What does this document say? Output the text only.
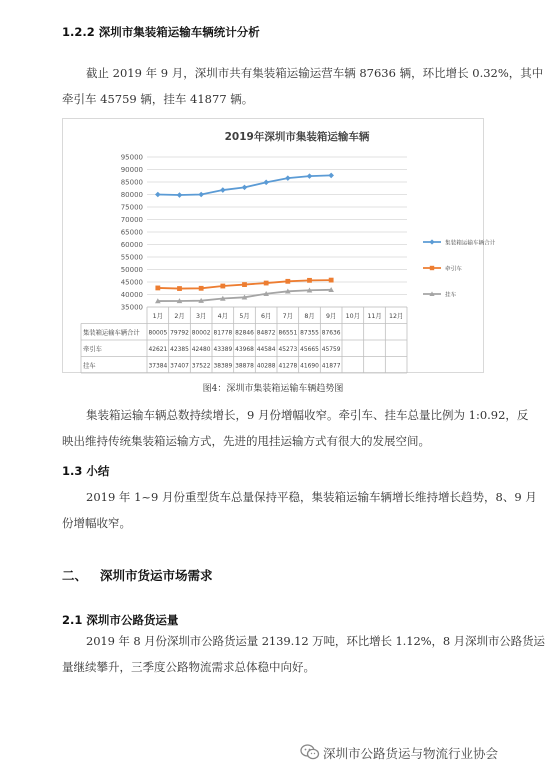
1.2.2 深圳市集装箱运输车辆统计分析
截止 2019 年 9 月，深圳市共有集装箱运输运营车辆 87636 辆，环比增长 0.32%，其中
牵引车 45759 辆，挂车 41877 辆。
2019年深圳市集装箱运输车辆
35000
40000
45000
50000
55000
60000
65000
70000
75000
80000
85000
90000
95000
集装箱运输车辆合计
牵引车
挂车
1月 2月 3月 4月 5月 6月 7月 8月 9月 10月 11月 12月
集装箱运输车辆合计 80005 79792 80002 81778 82846 84872 86551 87355 87636
牵引车	42621 42385 42480 43389 43968 44584 45273 45665 45759
挂车	37384 37407 37522 38389 38878 40288 41278 41690 41877
图4：深圳市集装箱运输车辆趋势图
集装箱运输车辆总数持续增长，9 月份增幅收窄。牵引车、挂车总量比例为 1:0.92，反
映出维持传统集装箱运输方式，先进的甩挂运输方式有很大的发展空间。
1.3 小结
2019 年 1~9 月份重型货车总量保持平稳，集装箱运输车辆增长维持增长趋势，8、9 月
份增幅收窄。
二、 深圳市货运市场需求
2.1 深圳市公路货运量
2019 年 8 月份深圳市公路货运量 2139.12 万吨，环比增长 1.12%，8 月深圳市公路货运
量继续攀升，三季度公路物流需求总体稳中向好。
深圳市公路货运与物流行业协会
